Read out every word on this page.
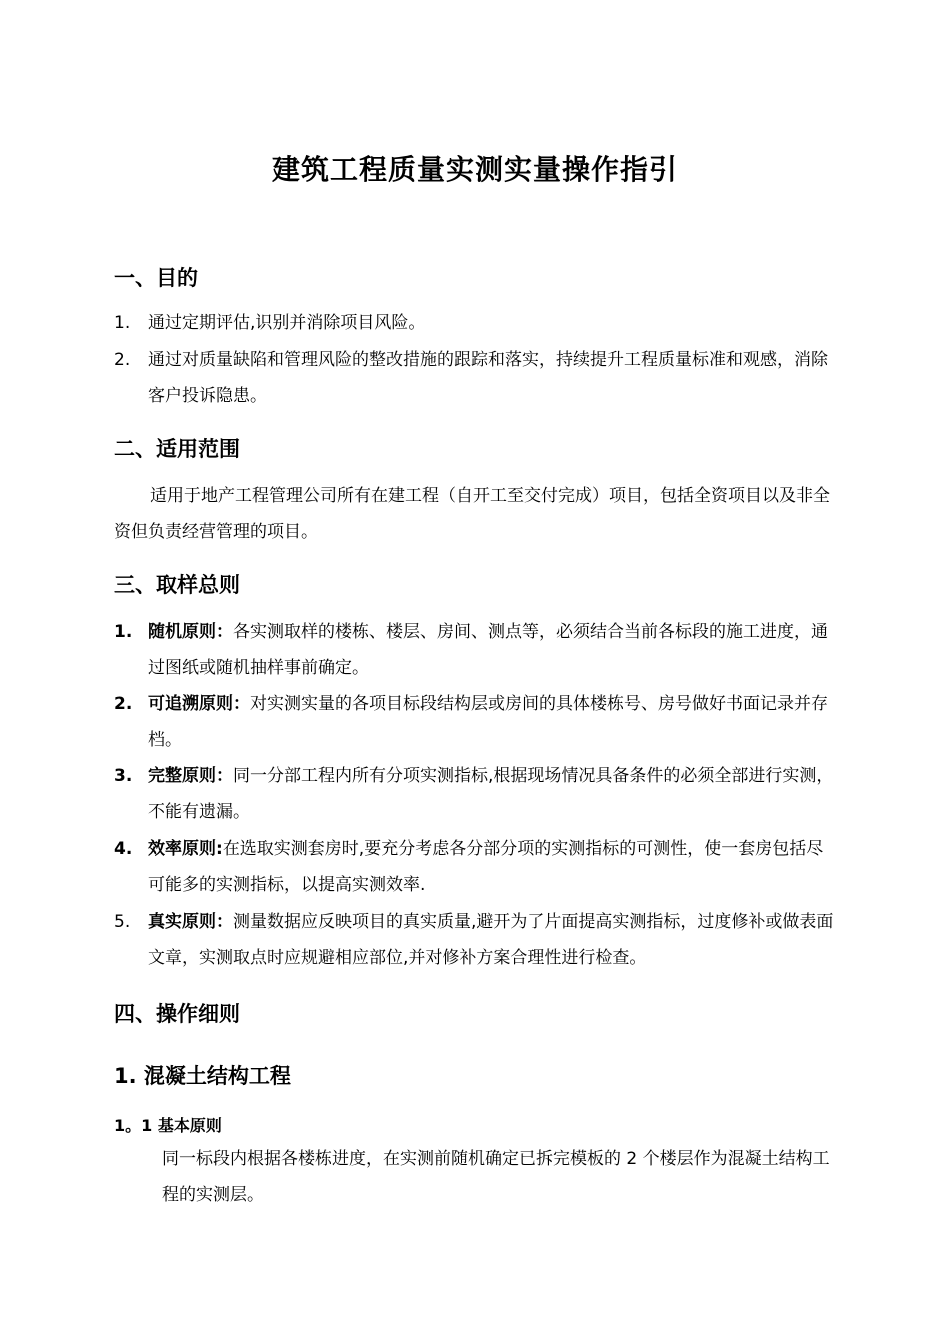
建筑工程质量实测实量操作指引
一、目的
1.	通过定期评估,识别并消除项目风险。
2.	通过对质量缺陷和管理风险的整改措施的跟踪和落实，持续提升工程质量标准和观感，消除客户投诉隐患。
二、适用范围
适用于地产工程管理公司所有在建工程（自开工至交付完成）项目，包括全资项目以及非全资但负责经营管理的项目。
三、取样总则
1. 随机原则：各实测取样的楼栋、楼层、房间、测点等，必须结合当前各标段的施工进度，通过图纸或随机抽样事前确定。
2. 可追溯原则：对实测实量的各项目标段结构层或房间的具体楼栋号、房号做好书面记录并存档。
3. 完整原则：同一分部工程内所有分项实测指标,根据现场情况具备条件的必须全部进行实测，不能有遗漏。
4. 效率原则:在选取实测套房时,要充分考虑各分部分项的实测指标的可测性，使一套房包括尽可能多的实测指标，以提高实测效率.
5.	真实原则：测量数据应反映项目的真实质量,避开为了片面提高实测指标，过度修补或做表面文章，实测取点时应规避相应部位,并对修补方案合理性进行检查。
四、操作细则
1. 混凝土结构工程
1。1 基本原则
同一标段内根据各楼栋进度，在实测前随机确定已拆完模板的 2 个楼层作为混凝土结构工程的实测层。
